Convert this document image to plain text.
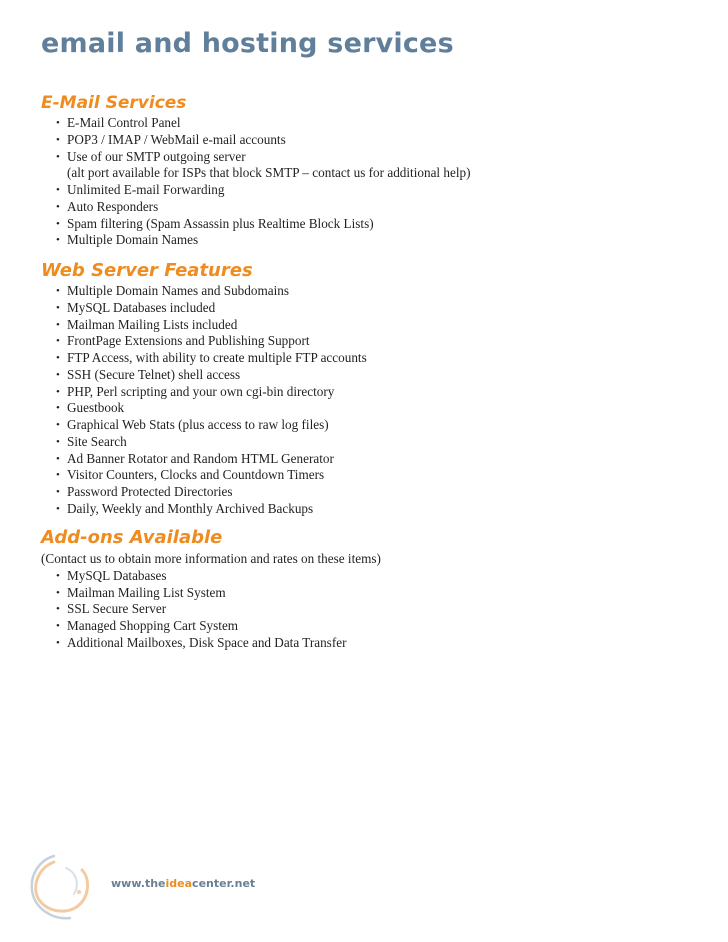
email and hosting services
E-Mail Services
• E-Mail Control Panel
• POP3 / IMAP / WebMail e-mail accounts
• Use of our SMTP outgoing server
(alt port available for ISPs that block SMTP – contact us for additional help)
• Unlimited E-mail Forwarding
• Auto Responders
• Spam filtering (Spam Assassin plus Realtime Block Lists)
• Multiple Domain Names
Web Server Features
• Multiple Domain Names and Subdomains
• MySQL Databases included
• Mailman Mailing Lists included
• FrontPage Extensions and Publishing Support
• FTP Access, with ability to create multiple FTP accounts
• SSH (Secure Telnet) shell access
• PHP, Perl scripting and your own cgi-bin directory
• Guestbook
• Graphical Web Stats (plus access to raw log files)
• Site Search
• Ad Banner Rotator and Random HTML Generator
• Visitor Counters, Clocks and Countdown Timers
• Password Protected Directories
• Daily, Weekly and Monthly Archived Backups
Add-ons Available

(Contact us to obtain more information and rates on these items)

• MySQL Databases
• Mailman Mailing List System
• SSL Secure Server
• Managed Shopping Cart System
• Additional Mailboxes, Disk Space and Data Transfer
www.theideacenter.net
